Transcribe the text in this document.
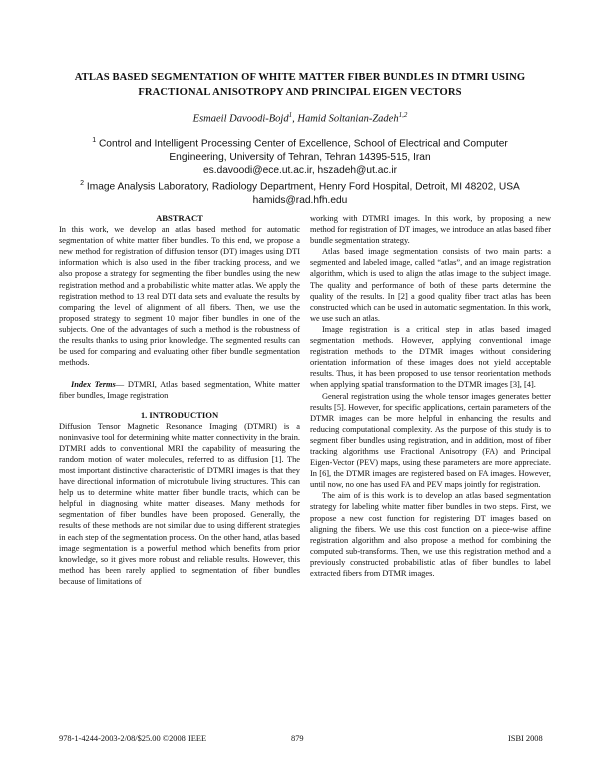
ATLAS BASED SEGMENTATION OF WHITE MATTER FIBER BUNDLES IN DTMRI USING FRACTIONAL ANISOTROPY AND PRINCIPAL EIGEN VECTORS
Esmaeil Davoodi-Bojd$^1$, Hamid Soltanian-Zadeh$^{1,2}$
$^1$ Control and Intelligent Processing Center of Excellence, School of Electrical and Computer
Engineering, University of Tehran, Tehran 14395-515, Iran
es.davoodi@ece.ut.ac.ir, hszadeh@ut.ac.ir
$^2$ Image Analysis Laboratory, Radiology Department, Henry Ford Hospital, Detroit, MI 48202, USA
hamids@rad.hfh.edu

ABSTRACT

In this work, we develop an atlas based method for automatic segmentation of white matter fiber bundles. To this end, we propose a new method for registration of diffusion tensor (DT) images using DTI information which is also used in the fiber tracking process, and we also propose a strategy for segmenting the fiber bundles using the new registration method and a probabilistic white matter atlas. We apply the registration method to 13 real DTI data sets and evaluate the results by comparing the level of alignment of all fibers. Then, we use the proposed strategy to segment 10 major fiber bundles in one of the subjects. One of the advantages of such a method is the robustness of the results thanks to using prior knowledge. The segmented results can be used for comparing and evaluating other fiber bundle segmentation methods.

Index Terms— DTMRI, Atlas based segmentation, White matter fiber bundles, Image registration

1. INTRODUCTION

Diffusion Tensor Magnetic Resonance Imaging (DTMRI) is a noninvasive tool for determining white matter connectivity in the brain. DTMRI adds to conventional MRI the capability of measuring the random motion of water molecules, referred to as diffusion [1]. The most important distinctive characteristic of DTMRI images is that they have directional information of microtubule living structures. This can help us to determine white matter fiber bundle tracts, which can be helpful in diagnosing white matter diseases. Many methods for segmentation of fiber bundles have been proposed. Generally, the results of these methods are not similar due to using different strategies in each step of the segmentation process. On the other hand, atlas based image segmentation is a powerful method which benefits from prior knowledge, so it gives more robust and reliable results. However, this method has been rarely applied to segmentation of fiber bundles because of limitations of

working with DTMRI images. In this work, by proposing a new method for registration of DT images, we introduce an atlas based fiber bundle segmentation strategy.

Atlas based image segmentation consists of two main parts: a segmented and labeled image, called “atlas”, and an image registration algorithm, which is used to align the atlas image to the subject image. The quality and performance of both of these parts determine the quality of the results. In [2] a good quality fiber tract atlas has been constructed which can be used in automatic segmentation. In this work, we use such an atlas.

Image registration is a critical step in atlas based imaged segmentation methods. However, applying conventional image registration methods to the DTMR images without considering orientation information of these images does not yield acceptable results. Thus, it has been proposed to use tensor reorientation methods when applying spatial transformation to the DTMR images [3], [4].

General registration using the whole tensor images generates better results [5]. However, for specific applications, certain parameters of the DTMR images can be more helpful in enhancing the results and reducing computational complexity. As the purpose of this study is to segment fiber bundles using registration, and in addition, most of fiber tracking algorithms use Fractional Anisotropy (FA) and Principal Eigen-Vector (PEV) maps, using these parameters are more appreciate. In [6], the DTMR images are registered based on FA images. However, until now, no one has used FA and PEV maps jointly for registration.

The aim of is this work is to develop an atlas based segmentation strategy for labeling white matter fiber bundles in two steps. First, we propose a new cost function for registering DT images based on aligning the fibers. We use this cost function on a piece-wise affine registration algorithm and also propose a method for combining the computed sub-transforms. Then, we use this registration method and a previously constructed probabilistic atlas of fiber bundles to label extracted fibers from DTMR images.

978-1-4244-2003-2/08/$25.00 ©2008 IEEE	879	ISBI 2008
